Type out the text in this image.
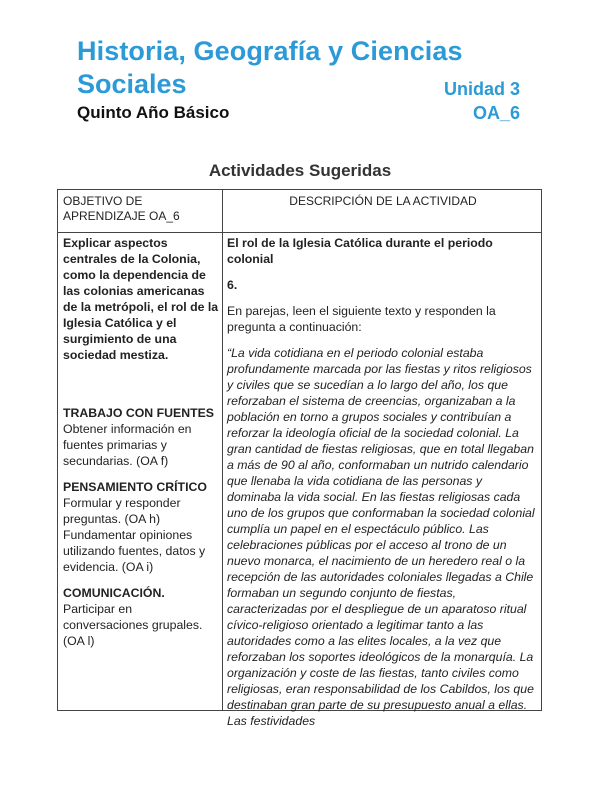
Historia, Geografía y Ciencias
Sociales	Unidad 3
Quinto Año Básico	OA_6
Actividades Sugeridas
OBJETIVO DE APRENDIZAJE OA_6
DESCRIPCIÓN DE LA ACTIVIDAD

Explicar aspectos centrales de la Colonia, como la dependencia de las colonias americanas de la metrópoli, el rol de la Iglesia Católica y el surgimiento de una sociedad mestiza.

TRABAJO CON FUENTES

Obtener información en fuentes primarias y secundarias. (OA f)

PENSAMIENTO CRÍTICO

Formular y responder preguntas. (OA h) Fundamentar opiniones utilizando fuentes, datos y evidencia. (OA i)

COMUNICACIÓN.

Participar en conversaciones grupales. (OA l)

El rol de la Iglesia Católica durante el periodo colonial

6.

En parejas, leen el siguiente texto y responden la pregunta a continuación:

“La vida cotidiana en el periodo colonial estaba profundamente marcada por las fiestas y ritos religiosos y civiles que se sucedían a lo largo del año, los que reforzaban el sistema de creencias, organizaban a la población en torno a grupos sociales y contribuían a reforzar la ideología oficial de la sociedad colonial. La gran cantidad de fiestas religiosas, que en total llegaban a más de 90 al año, conformaban un nutrido calendario que llenaba la vida cotidiana de las personas y dominaba la vida social. En las fiestas religiosas cada uno de los grupos que conformaban la sociedad colonial cumplía un papel en el espectáculo público. Las celebraciones públicas por el acceso al trono de un nuevo monarca, el nacimiento de un heredero real o la recepción de las autoridades coloniales llegadas a Chile formaban un segundo conjunto de fiestas, caracterizadas por el despliegue de un aparatoso ritual cívico-religioso orientado a legitimar tanto a las autoridades como a las elites locales, a la vez que reforzaban los soportes ideológicos de la monarquía. La organización y coste de las fiestas, tanto civiles como religiosas, eran responsabilidad de los Cabildos, los que destinaban gran parte de su presupuesto anual a ellas. Las festividades
